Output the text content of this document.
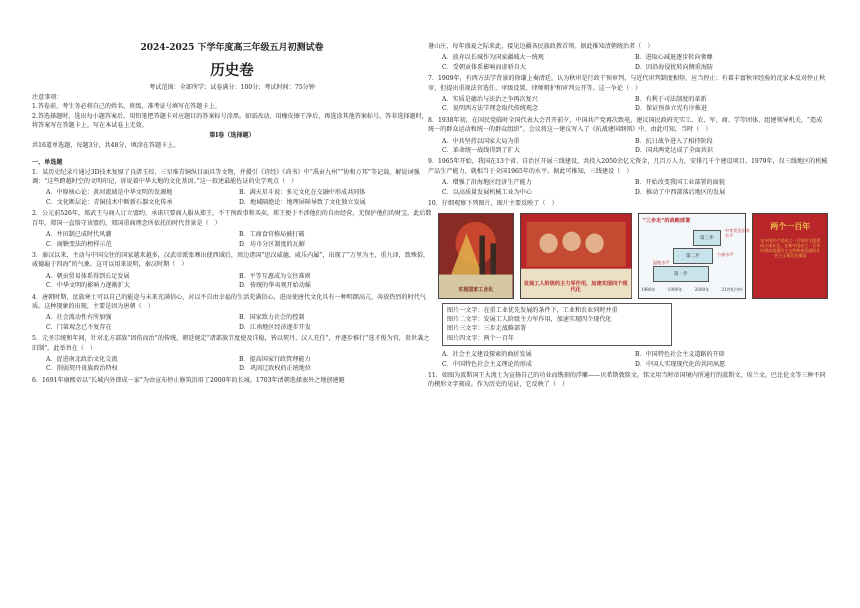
2024-2025 下学年度高三年级五月初测试卷
历史卷
考试范围：全部所学；试卷满分：100分；考试时间：75分钟
注意事项：
1.答卷前，考生务必将自己的姓名、班级、准考证号填写在答题卡上。
2.答选择题时，选出每小题答案后，用铅笔把答题卡对应题目的答案标号涂黑。如需改动，用橡皮擦干净后，再选涂其他答案标号。答非选择题时，将答案写在答题卡上。写在本试卷上无效。
第Ⅰ卷（选择题）
共16道单选题，每题3分，共48分，填涂在答题卡上。
一、单选题
1．某历史纪录片通过3D技术复原了良渚玉琮、三星堆青铜纵目面具等文物，并援引《诗经》《尚书》中“禹贡九州”“协和万邦”等记载。解说词强调：“这些跨越时空的文明印记，诉说着中华大地的文化基因。”这一叙述最能佐证的史学观点（　）
A．中原核心论：黄河流域是中华文明的发源地	B．满天星斗说：多元文化在交融中形成共同体
C．文化断层论：青铜技术中断新石器文化传承	D．地域隔绝论：地理屏障导致了文化独立发展
2．公元前526年，郑武王与商人订立盟约，承诺只要商人服从郑王，不干预政事和买卖。郑王便于不涉他们的自由经营，无保护他们的财宝。此后数百年，郑国一直恪守该盟约，郑国重商理念所依托的时代背景是（　）
A．井田制已成时代风潮	B．工商食官格局被打破
C．商鞅变法的榜样示范	D．坊市分区制度的瓦解
3．秦汉以来，主动与中国交往的国家越来越多，汉武帝派张骞出使西域后，周边诸国“思汉威德，咸乐内属”，出现了“万里为主，重九译，致殊俗，威德遍于四海”的气象。这可以用来说明，秦汉时期（　）
A．朝贡贸易体系得到长足发展	B．平等互惠成为交往准则
C．中华文明的影响力逐渐扩大	D．传统的华夷观开始动摇
4．唐朝时期，庶族寒士可以自己的能途与未来充满信心，对以不自由幸福的生活充满信心，进而使唐代文化具有一种明朗高亢、奔放热烈的时代气质。这种现象的出现，主要是因为唐朝（　）
A．社会流动性有所加强	B．国家致力社会的控制
C．门第观念已不复存在	D．江南地区经济逐步开发
5．元圣宗统和年间，针对北方部族“因俗而治”的传统，朝廷规定“诸部族节度使及详稳，皆以契丹、汉人充任”，并逐步推行“选才俊为官，贵世袭之旧制”。此举旨在（　）
A．促进南北政治文化交流	B．提高国家行政管理能力
C．削弱契丹贵族政治特权	D．巩固辽政权的正统地位
6．1691年康熙帝以“长城内外即成一家”为由宣布停止修筑沿用了2000年的长城。1703年清朝选择塞外之地创建避
暑山庄，每年盛夏之际来此，接见边疆各民族政教首领。据此推知清朝统治者（　）
A．放弃以长城作为国家疆域大一统观	B．进取心减退逐步转向奢靡
C．受朝贡体系影响而虚骄自大	D．因沿海侵扰转向侧重海防
7．1909年，有西方法学背景的徐谦上奏清廷，认为秋审是行政干预审判，与近代审判制度相悖，应当停止；有着丰富秋审经验的沈家本反对停止秋审，但提出重视法官选任、审级设置、律师辩护和审判公开等。这一争论（　）
A．实质是德治与法治之争再次复兴	B．有利于司法制度的革新
C．说明西方法学理念取代传统观念	D．保证预备立宪有序推进
8．1938年初，在国民党临时全国代表大会召开前夕，中国共产党再次致电，建议国民政府充实工、农、军、商、学等团体，组建领导机关，“造成统一的群众运动和统一的群众组织”。会议将这一建议写入了《抗战建国纲领》中。由此可知，当时（　）
A．中共坚持以国家大局为重	B．抗日战争进入了相持阶段
C．革命统一战线得到了扩大	D．国共两党达成了全面共识
9．1965年开始，我国在13个省、自治区开展三线建设，共投入2050余亿元资金，几百万人力，安排几千个建设项目。1979年，仅三线地区的机械产品生产能力，就相当于全国1965年的水平。据此可推知，三线建设（　）
A．增强了沿海地区经济生产能力	B．开始改变我国工业部署的面貌
C．以高质量发展机械工业为中心	D．推动了中西部落后地区的发展
10．仔细观察下列图片，图片主要反映了（　）
实现国家工业化
发展工人阶级的主力军作用，加速实现四个现代化
“三步走”的战略部署
第三步
第二步
第一步
中等发达国家水平
小康水平
温饱水平
1980年	1990年	2000年	21世纪中叶
两个一百年
在中国共产党成立一百年时全面建成小康社会，在新中国成立一百年时建成富强民主文明和谐美丽的社会主义现代化强国
图片一文字：在重工业优先发展的条件下，工业和农业同时并重
图片二文字：发展工人阶级主力军作用，加速实现四个现代化
图片三文字：三步走战略部署
图片四文字：两个一百年
A．社会主义建设探索的曲折发展	B．中国特色社会主义道路的开辟
C．中国特色社会主义理论的形成	D．中国人实现现代化的共同夙愿
11．如图为波斯国王大流士为宣扬自己的功业而镌刻的浮雕——贝希斯敦铭文。铭文用当时帝国境内所通行的波斯文、埃兰文、巴比伦文等三种不同的楔形文字刻成。作为历史的见证，它反映了（　）
